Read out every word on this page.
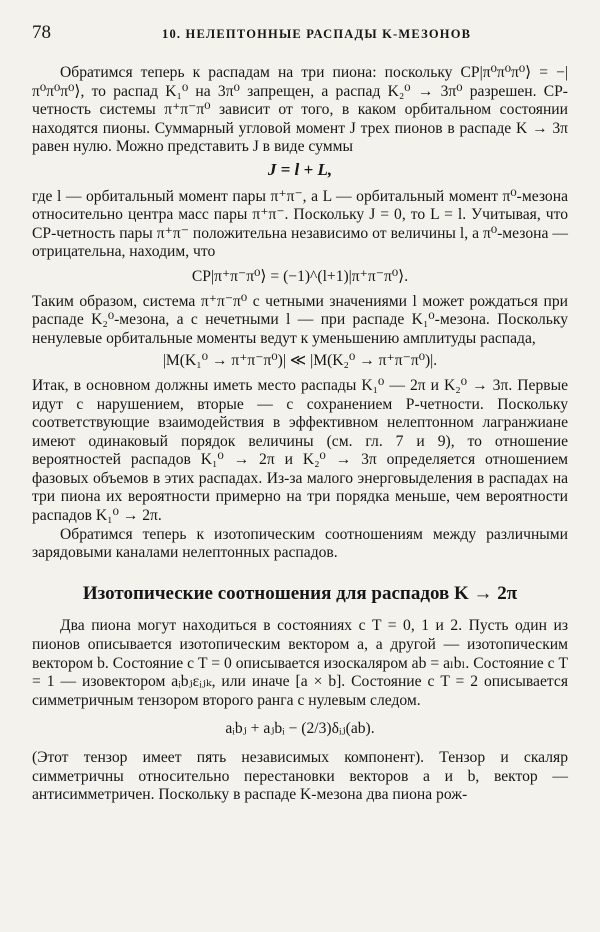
78	10. НЕЛЕПТОННЫЕ РАСПАДЫ K-МЕЗОНОВ

Обратимся теперь к распадам на три пиона: поскольку CP|π⁰π⁰π⁰⟩ = −|π⁰π⁰π⁰⟩, то распад K₁⁰ на 3π⁰ запрещен, а распад K₂⁰ → 3π⁰ разрешен. CP-четность системы π⁺π⁻π⁰ зависит от того, в каком орбитальном состоянии находятся пионы. Суммарный угловой момент J трех пионов в распаде K → 3π равен нулю. Можно представить J в виде суммы

J = l + L,

где l — орбитальный момент пары π⁺π⁻, а L — орбитальный момент π⁰-мезона относительно центра масс пары π⁺π⁻. Поскольку J = 0, то L = l. Учитывая, что CP-четность пары π⁺π⁻ положительна независимо от величины l, а π⁰-мезона — отрицательна, находим, что

CP|π⁺π⁻π⁰⟩ = (−1)^(l+1)|π⁺π⁻π⁰⟩.

Таким образом, система π⁺π⁻π⁰ с четными значениями l может рождаться при распаде K₂⁰-мезона, а с нечетными l — при распаде K₁⁰-мезона. Поскольку ненулевые орбитальные моменты ведут к уменьшению амплитуды распада,

|M(K₁⁰ → π⁺π⁻π⁰)| ≪ |M(K₂⁰ → π⁺π⁻π⁰)|.

Итак, в основном должны иметь место распады K₁⁰ — 2π и K₂⁰ → 3π. Первые идут с нарушением, вторые — с сохранением P-четности. Поскольку соответствующие взаимодействия в эффективном нелептонном лагранжиане имеют одинаковый порядок величины (см. гл. 7 и 9), то отношение вероятностей распадов K₁⁰ → 2π и K₂⁰ → 3π определяется отношением фазовых объемов в этих распадах. Из-за малого энерговыделения в распадах на три пиона их вероятности примерно на три порядка меньше, чем вероятности распадов K₁⁰ → 2π.

Обратимся теперь к изотопическим соотношениям между различными зарядовыми каналами нелептонных распадов.

Изотопические соотношения для распадов K → 2π

Два пиона могут находиться в состояниях с T = 0, 1 и 2. Пусть один из пионов описывается изотопическим вектором a, а другой — изотопическим вектором b. Состояние с T = 0 описывается изоскаляром ab = aₗbₗ. Состояние с T = 1 — изовектором aᵢbⱼεᵢⱼₖ, или иначе [a × b]. Состояние с T = 2 описывается симметричным тензором второго ранга с нулевым следом.

aᵢbⱼ + aⱼbᵢ − (2/3)δᵢⱼ(ab).

(Этот тензор имеет пять независимых компонент). Тензор и скаляр симметричны относительно перестановки векторов a и b, вектор — антисимметричен. Поскольку в распаде K-мезона два пиона рож-
